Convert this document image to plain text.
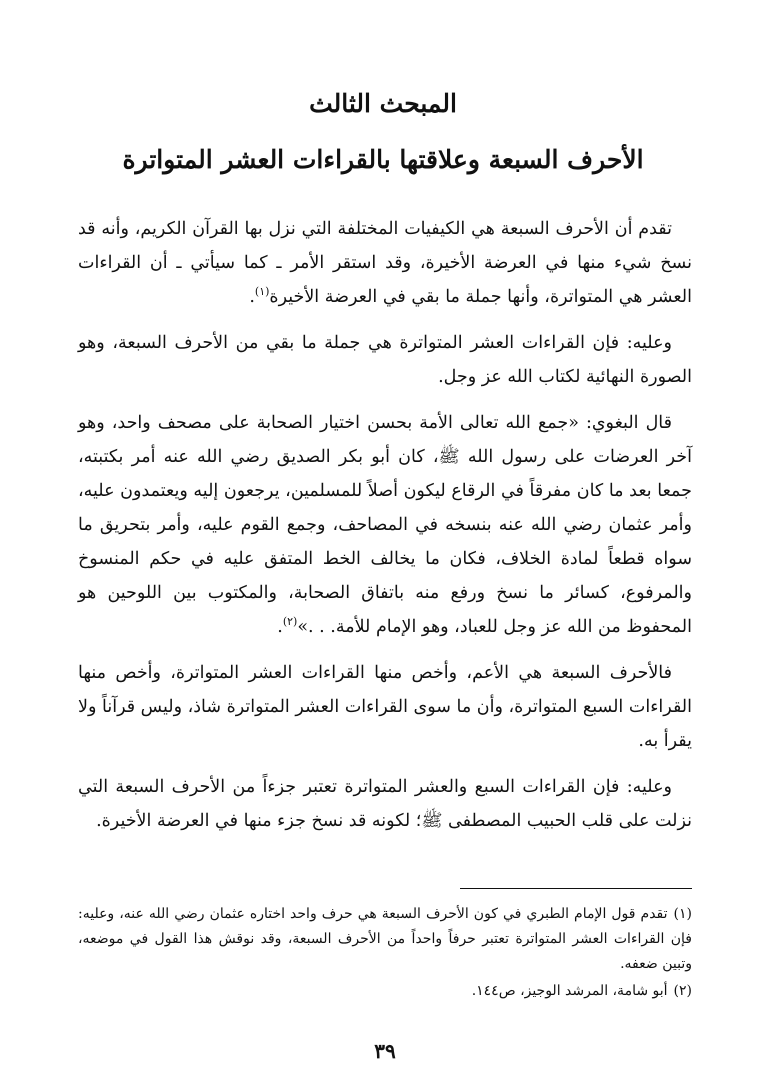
المبحث الثالث
الأحرف السبعة وعلاقتها بالقراءات العشر المتواترة

تقدم أن الأحرف السبعة هي الكيفيات المختلفة التي نزل بها القرآن الكريم، وأنه قد نسخ شيء منها في العرضة الأخيرة، وقد استقر الأمر ـ كما سيأتي ـ أن القراءات العشر هي المتواترة، وأنها جملة ما بقي في العرضة الأخيرة$^{(١)}$.

وعليه: فإن القراءات العشر المتواترة هي جملة ما بقي من الأحرف السبعة، وهو الصورة النهائية لكتاب الله عز وجل.

قال البغوي: «جمع الله تعالى الأمة بحسن اختيار الصحابة على مصحف واحد، وهو آخر العرضات على رسول الله ﷺ، كان أبو بكر الصديق رضي الله عنه أمر بكتبته، جمعا بعد ما كان مفرقاً في الرقاع ليكون أصلاً للمسلمين، يرجعون إليه ويعتمدون عليه، وأمر عثمان رضي الله عنه بنسخه في المصاحف، وجمع القوم عليه، وأمر بتحريق ما سواه قطعاً لمادة الخلاف، فكان ما يخالف الخط المتفق عليه في حكم المنسوخ والمرفوع، كسائر ما نسخ ورفع منه باتفاق الصحابة، والمكتوب بين اللوحين هو المحفوظ من الله عز وجل للعباد، وهو الإمام للأمة. . .»$^{(٢)}$.

فالأحرف السبعة هي الأعم، وأخص منها القراءات العشر المتواترة، وأخص منها القراءات السبع المتواترة، وأن ما سوى القراءات العشر المتواترة شاذ، وليس قرآناً ولا يقرأ به.

وعليه: فإن القراءات السبع والعشر المتواترة تعتبر جزءاً من الأحرف السبعة التي نزلت على قلب الحبيب المصطفى ﷺ؛ لكونه قد نسخ جزء منها في العرضة الأخيرة.

(١)تقدم قول الإمام الطبري في كون الأحرف السبعة هي حرف واحد اختاره عثمان رضي الله عنه، وعليه: فإن القراءات العشر المتواترة تعتبر حرفاً واحداً من الأحرف السبعة، وقد نوقش هذا القول في موضعه، وتبين ضعفه.

(٢)أبو شامة، المرشد الوجيز، ص١٤٤.

٣٩
